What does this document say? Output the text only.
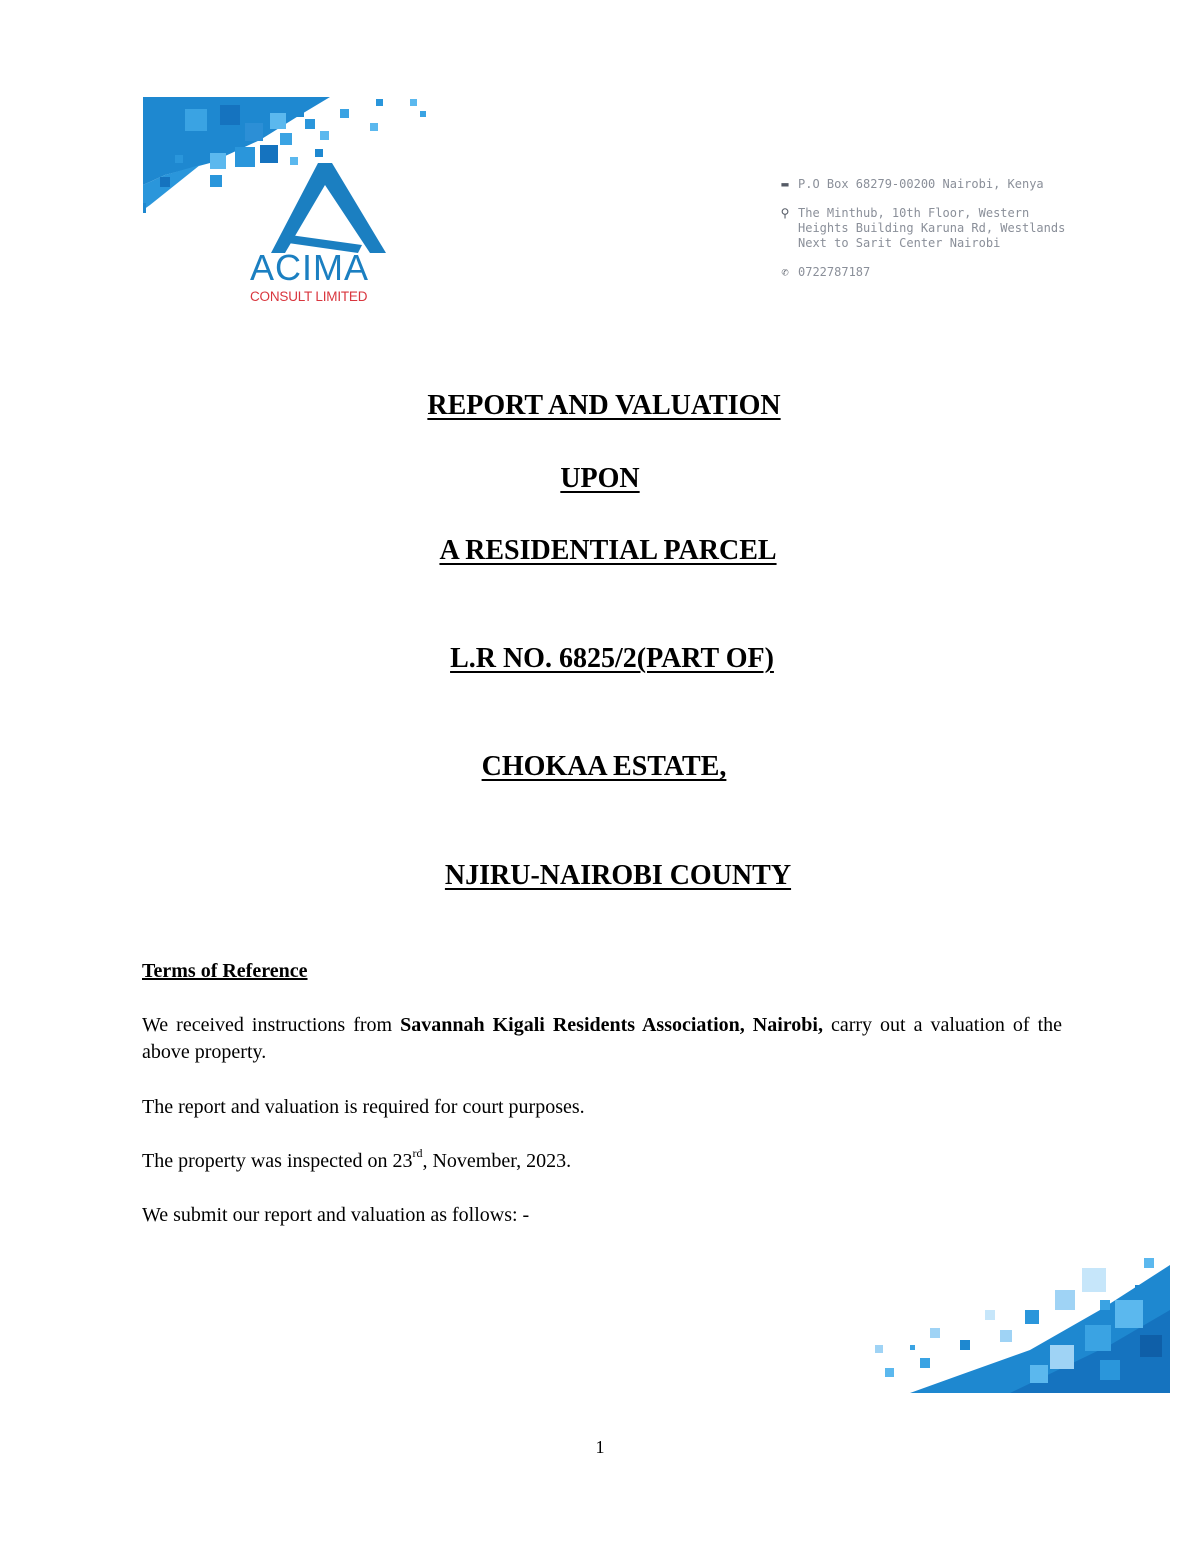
ACIMA
CONSULT LIMITED
▬ P.O Box 68279-00200 Nairobi, Kenya
⚲ The Minthub, 10th Floor, Western
Heights Building Karuna Rd, Westlands
Next to Sarit Center Nairobi
✆ 0722787187
REPORT AND VALUATION
UPON
A RESIDENTIAL PARCEL
L.R NO. 6825/2(PART OF)
CHOKAA ESTATE,
NJIRU-NAIROBI COUNTY
Terms of Reference
We received instructions from Savannah Kigali Residents Association, Nairobi, carry out a valuation of the above property.
The report and valuation is required for court purposes.
The property was inspected on 23rd, November, 2023.
We submit our report and valuation as follows: -
1
